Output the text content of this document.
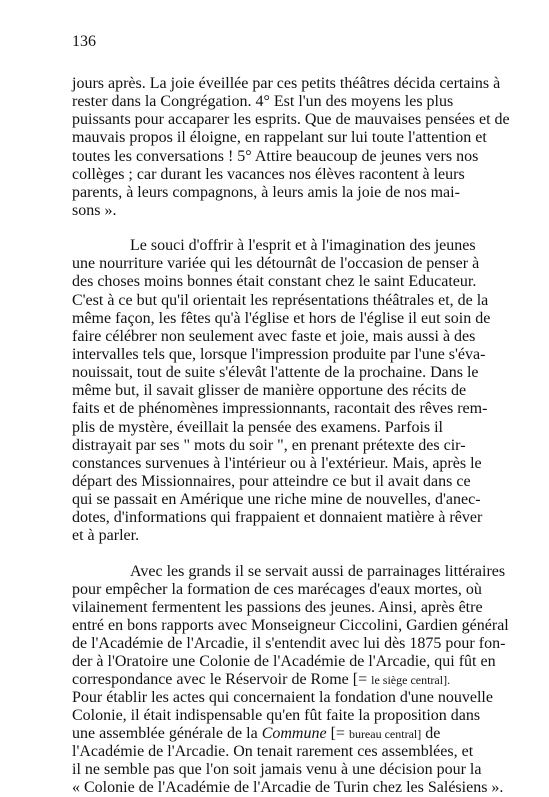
136
jours après. La joie éveillée par ces petits théâtres décida certains à
rester dans la Congrégation. 4° Est l'un des moyens les plus
puissants pour accaparer les esprits. Que de mauvaises pensées et de
mauvais propos il éloigne, en rappelant sur lui toute l'attention et
toutes les conversations ! 5° Attire beaucoup de jeunes vers nos
collèges ; car durant les vacances nos élèves racontent à leurs
parents, à leurs compagnons, à leurs amis la joie de nos mai-
sons ».
Le souci d'offrir à l'esprit et à l'imagination des jeunes
une nourriture variée qui les détournât de l'occasion de penser à
des choses moins bonnes était constant chez le saint Educateur.
C'est à ce but qu'il orientait les représentations théâtrales et, de la
même façon, les fêtes qu'à l'église et hors de l'église il eut soin de
faire célébrer non seulement avec faste et joie, mais aussi à des
intervalles tels que, lorsque l'impression produite par l'une s'éva-
nouissait, tout de suite s'élevât l'attente de la prochaine. Dans le
même but, il savait glisser de manière opportune des récits de
faits et de phénomènes impressionnants, racontait des rêves rem-
plis de mystère, éveillait la pensée des examens. Parfois il
distrayait par ses " mots du soir ", en prenant prétexte des cir-
constances survenues à l'intérieur ou à l'extérieur. Mais, après le
départ des Missionnaires, pour atteindre ce but il avait dans ce
qui se passait en Amérique une riche mine de nouvelles, d'anec-
dotes, d'informations qui frappaient et donnaient matière à rêver
et à parler.
Avec les grands il se servait aussi de parrainages littéraires
pour empêcher la formation de ces marécages d'eaux mortes, où
vilainement fermentent les passions des jeunes. Ainsi, après être
entré en bons rapports avec Monseigneur Ciccolini, Gardien général
de l'Académie de l'Arcadie, il s'entendit avec lui dès 1875 pour fon-
der à l'Oratoire une Colonie de l'Académie de l'Arcadie, qui fût en
correspondance avec le Réservoir de Rome [= le siège central].
Pour établir les actes qui concernaient la fondation d'une nouvelle
Colonie, il était indispensable qu'en fût faite la proposition dans
une assemblée générale de la Commune [= bureau central] de
l'Académie de l'Arcadie. On tenait rarement ces assemblées, et
il ne semble pas que l'on soit jamais venu à une décision pour la
« Colonie de l'Académie de l'Arcadie de Turin chez les Salésiens ».
